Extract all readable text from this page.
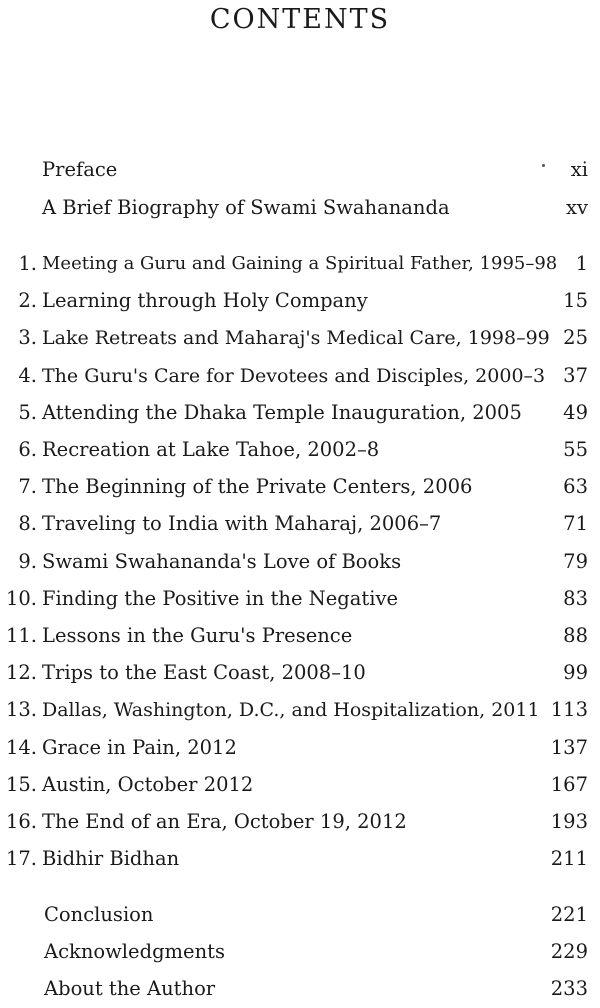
CONTENTS
Preface	xi
A Brief Biography of Swami Swahananda	xv
1. Meeting a Guru and Gaining a Spiritual Father, 1995–98 1
2. Learning through Holy Company	15
3. Lake Retreats and Maharaj's Medical Care, 1998–99 25
4. The Guru's Care for Devotees and Disciples, 2000–3 37
5. Attending the Dhaka Temple Inauguration, 2005 49
6. Recreation at Lake Tahoe, 2002–8	55
7. The Beginning of the Private Centers, 2006	63
8. Traveling to India with Maharaj, 2006–7	71
9. Swami Swahananda's Love of Books	79
10. Finding the Positive in the Negative	83
11. Lessons in the Guru's Presence	88
12. Trips to the East Coast, 2008–10	99
13. Dallas, Washington, D.C., and Hospitalization, 2011 113
14. Grace in Pain, 2012	137
15. Austin, October 2012	167
16. The End of an Era, October 19, 2012	193
17. Bidhir Bidhan	211
Conclusion	221
Acknowledgments	229
About the Author	233
